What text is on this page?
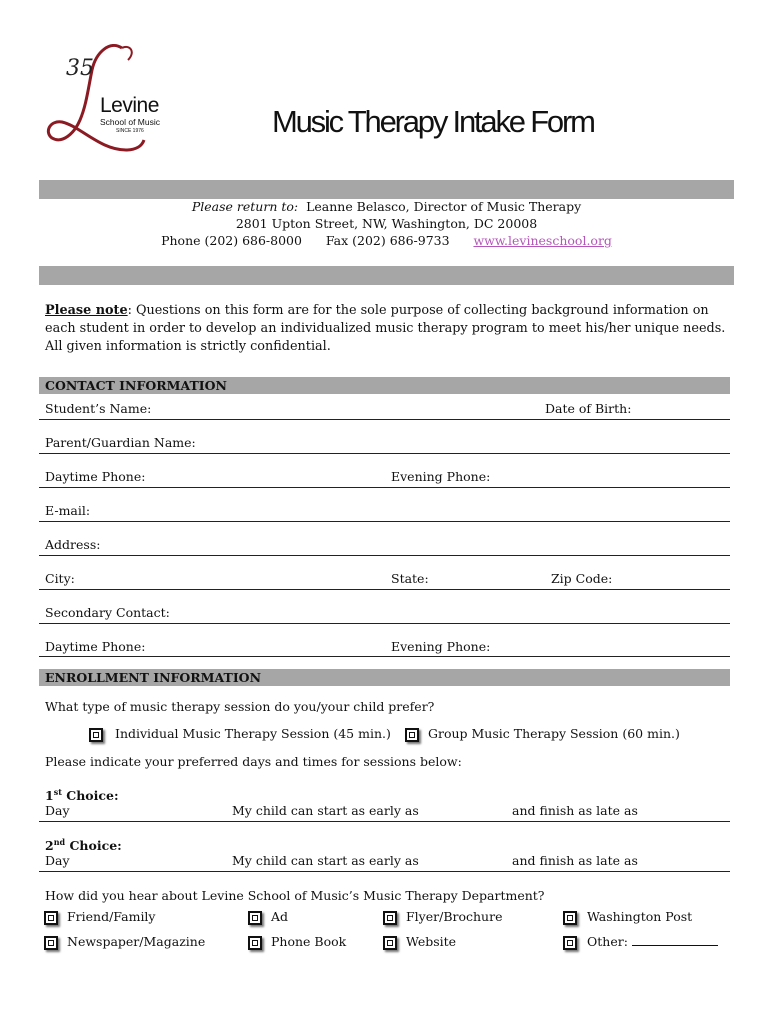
35
Levine
School of Music
SINCE 1976	Music Therapy Intake Form
Please return to: Leanne Belasco, Director of Music Therapy
2801 Upton Street, NW, Washington, DC 20008
Phone (202) 686-8000 Fax (202) 686-9733 www.levineschool.org
Please note: Questions on this form are for the sole purpose of collecting background information on each student in order to develop an individualized music therapy program to meet his/her unique needs. All given information is strictly confidential.
CONTACT INFORMATION
Student’s Name:	Date of Birth:
Parent/Guardian Name:
Daytime Phone:	Evening Phone:
E-mail:
Address:
City:	State:	Zip Code:
Secondary Contact:
Daytime Phone:	Evening Phone:
ENROLLMENT INFORMATION
What type of music therapy session do you/your child prefer?
Individual Music Therapy Session (45 min.)	Group Music Therapy Session (60 min.)
Please indicate your preferred days and times for sessions below:
1st Choice:
Day	My child can start as early as	and finish as late as
2nd Choice:
Day	My child can start as early as	and finish as late as
How did you hear about Levine School of Music’s Music Therapy Department?
Friend/Family	Ad	Flyer/Brochure	Washington Post
Newspaper/Magazine	Phone Book	Website	Other:
